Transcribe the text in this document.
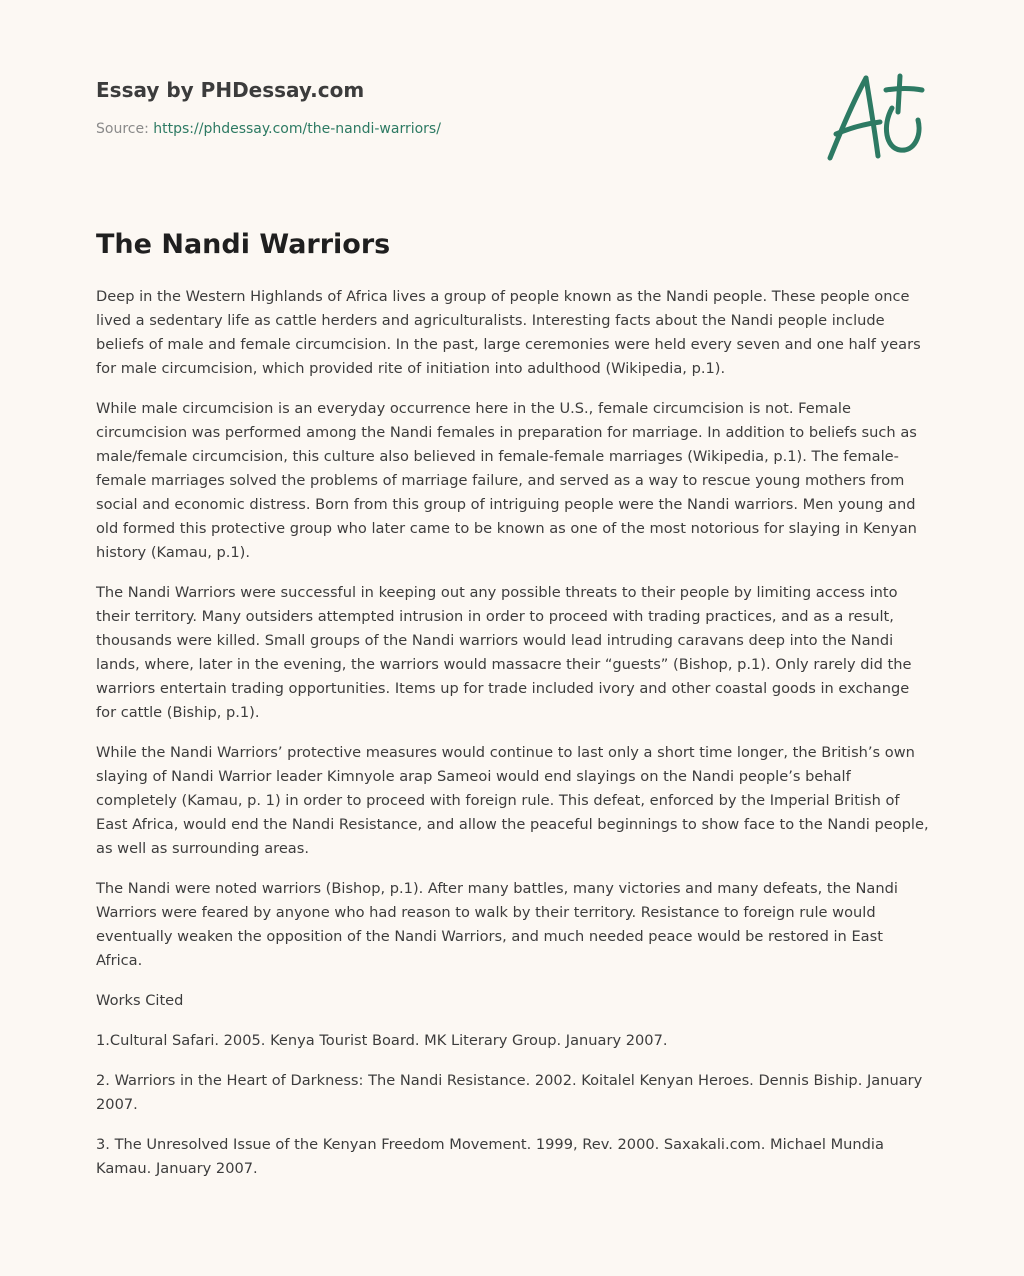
Essay by PHDessay.com
Source: https://phdessay.com/the-nandi-warriors/
The Nandi Warriors

Deep in the Western Highlands of Africa lives a group of people known as the Nandi people. These people once lived a sedentary life as cattle herders and agriculturalists. Interesting facts about the Nandi people include beliefs of male and female circumcision. In the past, large ceremonies were held every seven and one half years for male circumcision, which provided rite of initiation into adulthood (Wikipedia, p.1).

While male circumcision is an everyday occurrence here in the U.S., female circumcision is not. Female circumcision was performed among the Nandi females in preparation for marriage. In addition to beliefs such as male/female circumcision, this culture also believed in female-female marriages (Wikipedia, p.1). The female-female marriages solved the problems of marriage failure, and served as a way to rescue young mothers from social and economic distress. Born from this group of intriguing people were the Nandi warriors. Men young and old formed this protective group who later came to be known as one of the most notorious for slaying in Kenyan history (Kamau, p.1).

The Nandi Warriors were successful in keeping out any possible threats to their people by limiting access into their territory. Many outsiders attempted intrusion in order to proceed with trading practices, and as a result, thousands were killed. Small groups of the Nandi warriors would lead intruding caravans deep into the Nandi lands, where, later in the evening, the warriors would massacre their “guests” (Bishop, p.1). Only rarely did the warriors entertain trading opportunities. Items up for trade included ivory and other coastal goods in exchange for cattle (Biship, p.1).

While the Nandi Warriors’ protective measures would continue to last only a short time longer, the British’s own slaying of Nandi Warrior leader Kimnyole arap Sameoi would end slayings on the Nandi people’s behalf completely (Kamau, p. 1) in order to proceed with foreign rule. This defeat, enforced by the Imperial British of East Africa, would end the Nandi Resistance, and allow the peaceful beginnings to show face to the Nandi people, as well as surrounding areas.

The Nandi were noted warriors (Bishop, p.1). After many battles, many victories and many defeats, the Nandi Warriors were feared by anyone who had reason to walk by their territory. Resistance to foreign rule would eventually weaken the opposition of the Nandi Warriors, and much needed peace would be restored in East Africa.

Works Cited

1.Cultural Safari. 2005. Kenya Tourist Board. MK Literary Group. January 2007.

2. Warriors in the Heart of Darkness: The Nandi Resistance. 2002. Koitalel Kenyan Heroes. Dennis Biship. January 2007.

3. The Unresolved Issue of the Kenyan Freedom Movement. 1999, Rev. 2000. Saxakali.com. Michael Mundia Kamau. January 2007.
